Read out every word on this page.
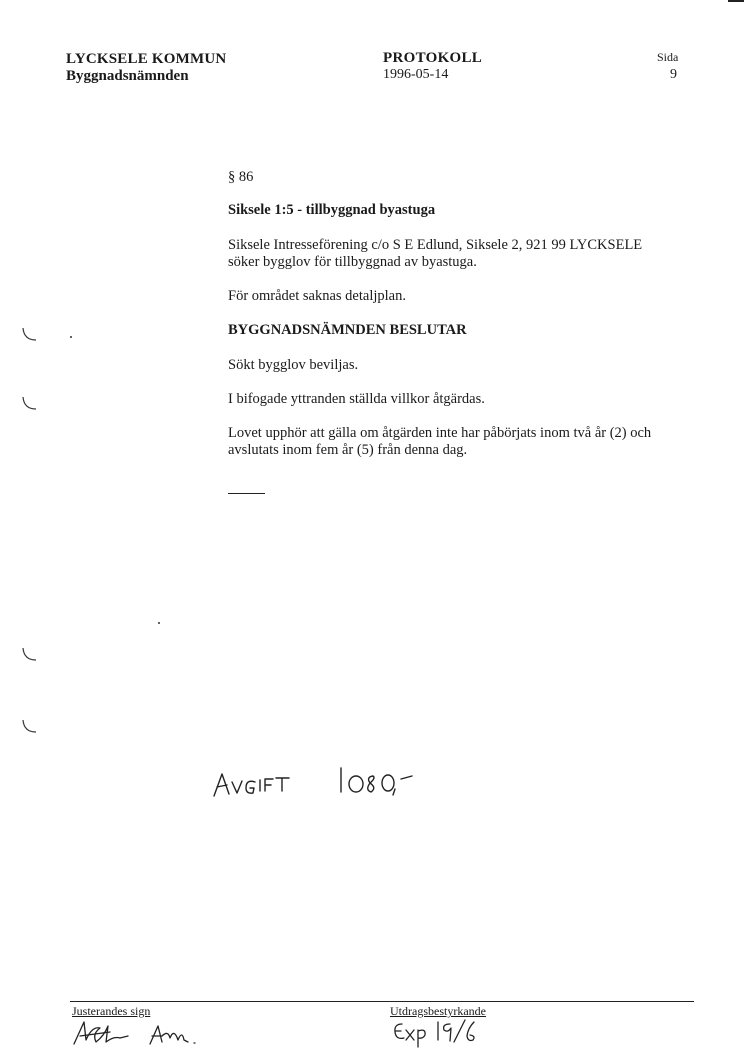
LYCKSELE KOMMUN
Byggnadsnämnden
PROTOKOLL
1996-05-14
Sida
9
§ 86
Siksele 1:5 - tillbyggnad byastuga
Siksele Intresseförening c/o S E Edlund, Siksele 2, 921 99 LYCKSELE
söker bygglov för tillbyggnad av byastuga.
För området saknas detaljplan.
BYGGNADSNÄMNDEN BESLUTAR
Sökt bygglov beviljas.
I bifogade yttranden ställda villkor åtgärdas.
Lovet upphör att gälla om åtgärden inte har påbörjats inom två år (2) och
avslutats inom fem år (5) från denna dag.
Justerandes sign	Utdragsbestyrkande
